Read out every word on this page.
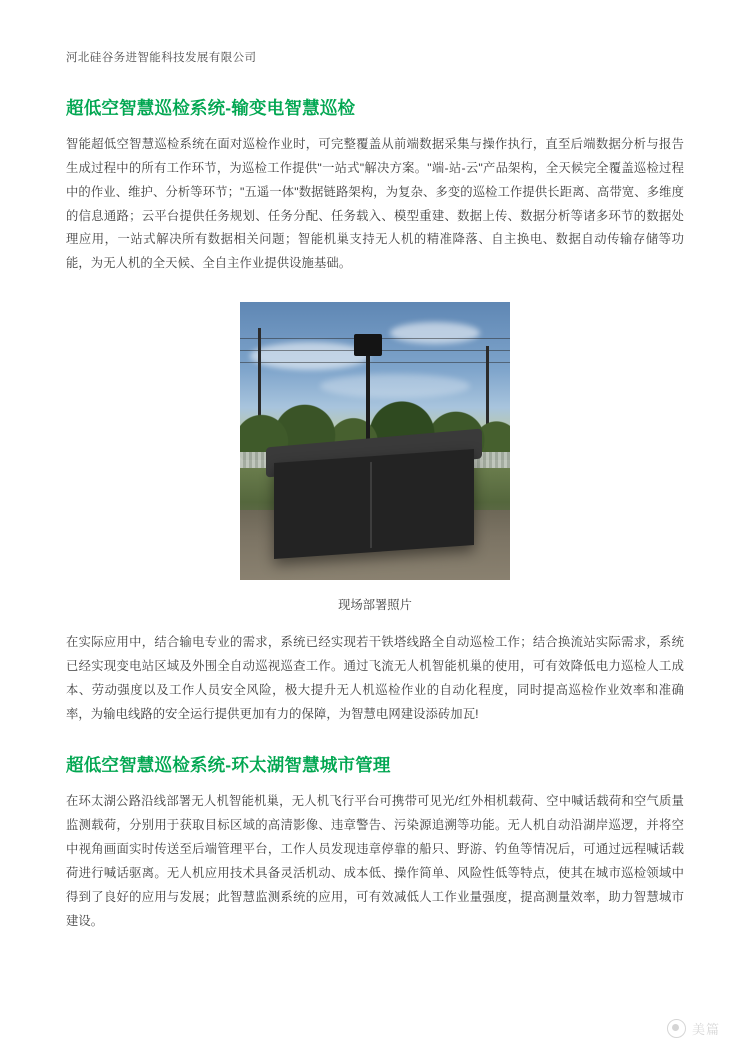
河北硅谷务进智能科技发展有限公司
超低空智慧巡检系统-输变电智慧巡检

智能超低空智慧巡检系统在面对巡检作业时，可完整覆盖从前端数据采集与操作执行，直至后端数据分析与报告生成过程中的所有工作环节，为巡检工作提供"一站式"解决方案。"端-站-云"产品架构，全天候完全覆盖巡检过程中的作业、维护、分析等环节；"五遥一体"数据链路架构，为复杂、多变的巡检工作提供长距离、高带宽、多维度的信息通路；云平台提供任务规划、任务分配、任务载入、模型重建、数据上传、数据分析等诸多环节的数据处理应用，一站式解决所有数据相关问题；智能机巢支持无人机的精准降落、自主换电、数据自动传输存储等功能，为无人机的全天候、全自主作业提供设施基础。

现场部署照片

在实际应用中，结合输电专业的需求，系统已经实现若干铁塔线路全自动巡检工作；结合换流站实际需求，系统已经实现变电站区域及外围全自动巡视巡查工作。通过飞流无人机智能机巢的使用，可有效降低电力巡检人工成本、劳动强度以及工作人员安全风险，极大提升无人机巡检作业的自动化程度，同时提高巡检作业效率和准确率，为输电线路的安全运行提供更加有力的保障，为智慧电网建设添砖加瓦!

超低空智慧巡检系统-环太湖智慧城市管理

在环太湖公路沿线部署无人机智能机巢，无人机飞行平台可携带可见光/红外相机载荷、空中喊话载荷和空气质量监测载荷，分别用于获取目标区域的高清影像、违章警告、污染源追溯等功能。无人机自动沿湖岸巡逻，并将空中视角画面实时传送至后端管理平台，工作人员发现违章停靠的船只、野游、钓鱼等情况后，可通过远程喊话载荷进行喊话驱离。无人机应用技术具备灵活机动、成本低、操作简单、风险性低等特点，使其在城市巡检领域中得到了良好的应用与发展；此智慧监测系统的应用，可有效减低人工作业量强度，提高测量效率，助力智慧城市建设。

美篇
